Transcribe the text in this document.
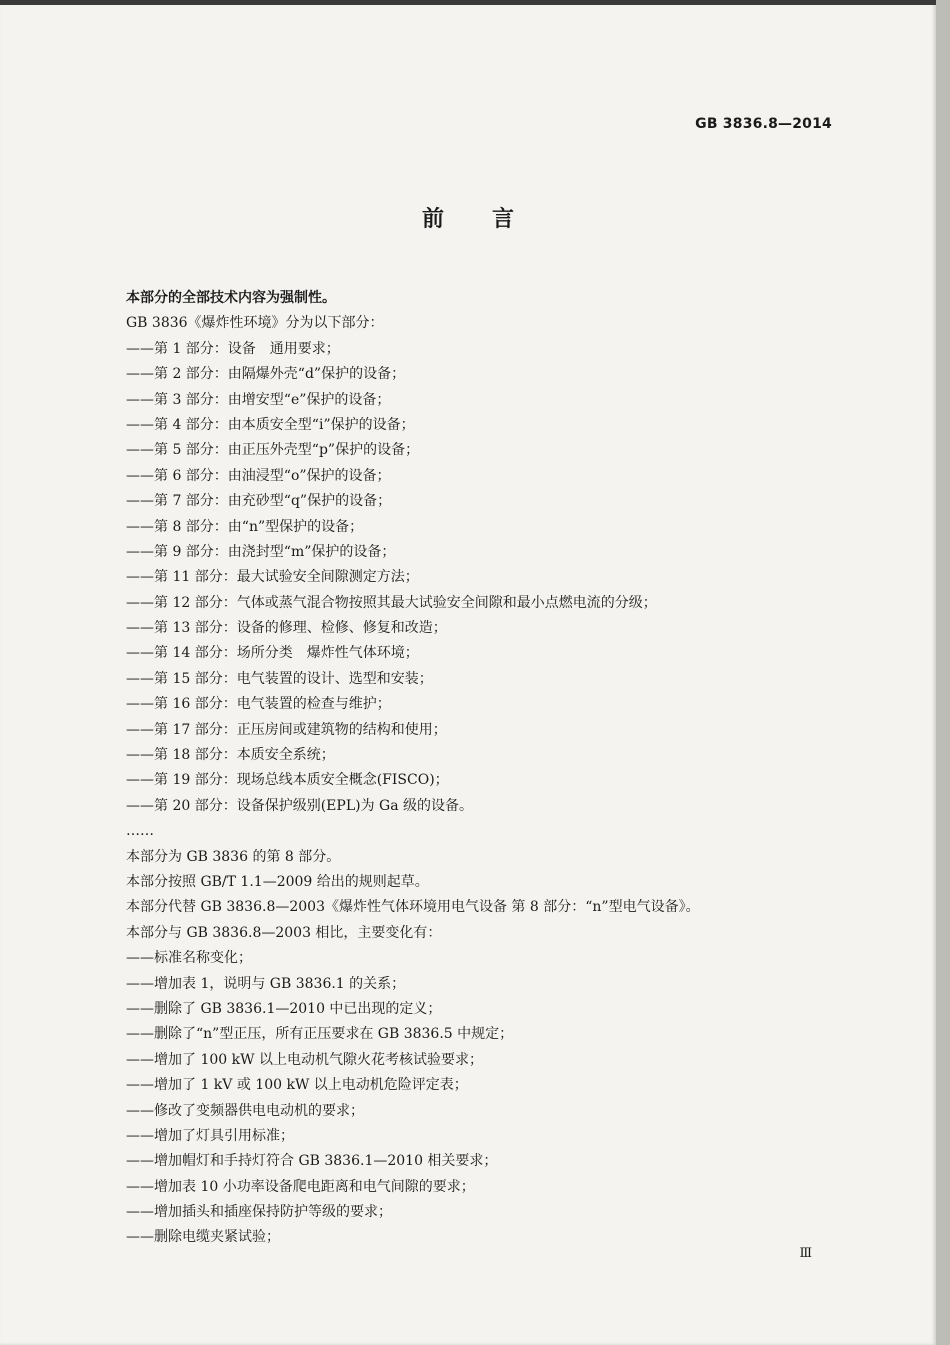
GB 3836.8—2014
前言
本部分的全部技术内容为强制性。
GB 3836《爆炸性环境》分为以下部分：
——第 1 部分：设备　通用要求；
——第 2 部分：由隔爆外壳“d”保护的设备；
——第 3 部分：由增安型“e”保护的设备；
——第 4 部分：由本质安全型“i”保护的设备；
——第 5 部分：由正压外壳型“p”保护的设备；
——第 6 部分：由油浸型“o”保护的设备；
——第 7 部分：由充砂型“q”保护的设备；
——第 8 部分：由“n”型保护的设备；
——第 9 部分：由浇封型“m”保护的设备；
——第 11 部分：最大试验安全间隙测定方法；
——第 12 部分：气体或蒸气混合物按照其最大试验安全间隙和最小点燃电流的分级；
——第 13 部分：设备的修理、检修、修复和改造；
——第 14 部分：场所分类　爆炸性气体环境；
——第 15 部分：电气装置的设计、选型和安装；
——第 16 部分：电气装置的检查与维护；
——第 17 部分：正压房间或建筑物的结构和使用；
——第 18 部分：本质安全系统；
——第 19 部分：现场总线本质安全概念(FISCO)；
——第 20 部分：设备保护级别(EPL)为 Ga 级的设备。
……
本部分为 GB 3836 的第 8 部分。
本部分按照 GB/T 1.1—2009 给出的规则起草。
本部分代替 GB 3836.8—2003《爆炸性气体环境用电气设备 第 8 部分：“n”型电气设备》。
本部分与 GB 3836.8—2003 相比，主要变化有：
——标准名称变化；
——增加表 1，说明与 GB 3836.1 的关系；
——删除了 GB 3836.1—2010 中已出现的定义；
——删除了“n”型正压，所有正压要求在 GB 3836.5 中规定；
——增加了 100 kW 以上电动机气隙火花考核试验要求；
——增加了 1 kV 或 100 kW 以上电动机危险评定表；
——修改了变频器供电电动机的要求；
——增加了灯具引用标准；
——增加帽灯和手持灯符合 GB 3836.1—2010 相关要求；
——增加表 10 小功率设备爬电距离和电气间隙的要求；
——增加插头和插座保持防护等级的要求；
——删除电缆夹紧试验；
Ⅲ
